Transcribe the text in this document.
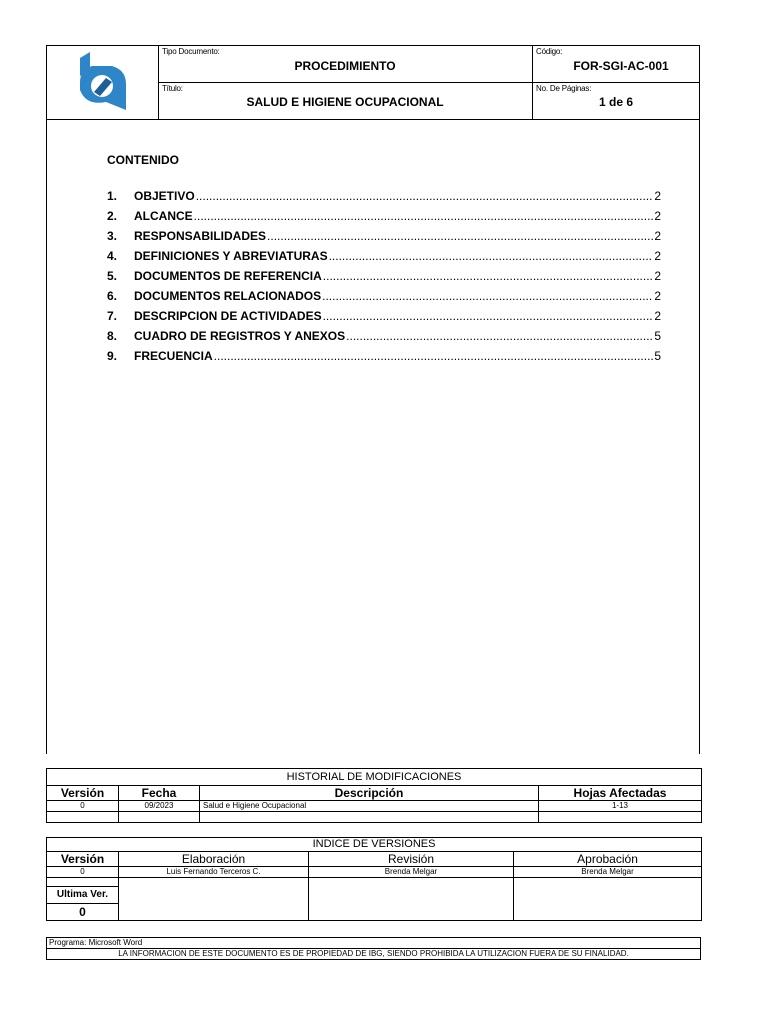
Tipo Documento:
PROCEDIMIENTO
Título:
SALUD E HIGIENE OCUPACIONAL
Código:
FOR-SGI-AC-001
No. De Páginas:
1 de 6
CONTENIDO
1.	OBJETIVO .....	2
2.	ALCANCE .....	2
3.	RESPONSABILIDADES .....	2
4.	DEFINICIONES Y ABREVIATURAS .....	2
5.	DOCUMENTOS DE REFERENCIA .....	2
6.	DOCUMENTOS RELACIONADOS .....	2
7.	DESCRIPCION DE ACTIVIDADES .....	2
8.	CUADRO DE REGISTROS Y ANEXOS .....	5
9.	FRECUENCIA .....	5
HISTORIAL DE MODIFICACIONES			
Versión	Fecha	Descripción	Hojas Afectadas
0	09/2023	Salud e Higiene Ocupacional	1-13

INDICE DE VERSIONES			
Versión	Elaboración	Revisión	Aprobación
0	Luis Fernando Terceros C.	Brenda Melgar	Brenda Melgar

Ultima Ver.			
0			
Programa: Microsoft Word
LA INFORMACION DE ESTE DOCUMENTO ES DE PROPIEDAD DE IBG, SIENDO PROHIBIDA LA UTILIZACION FUERA DE SU FINALIDAD.
